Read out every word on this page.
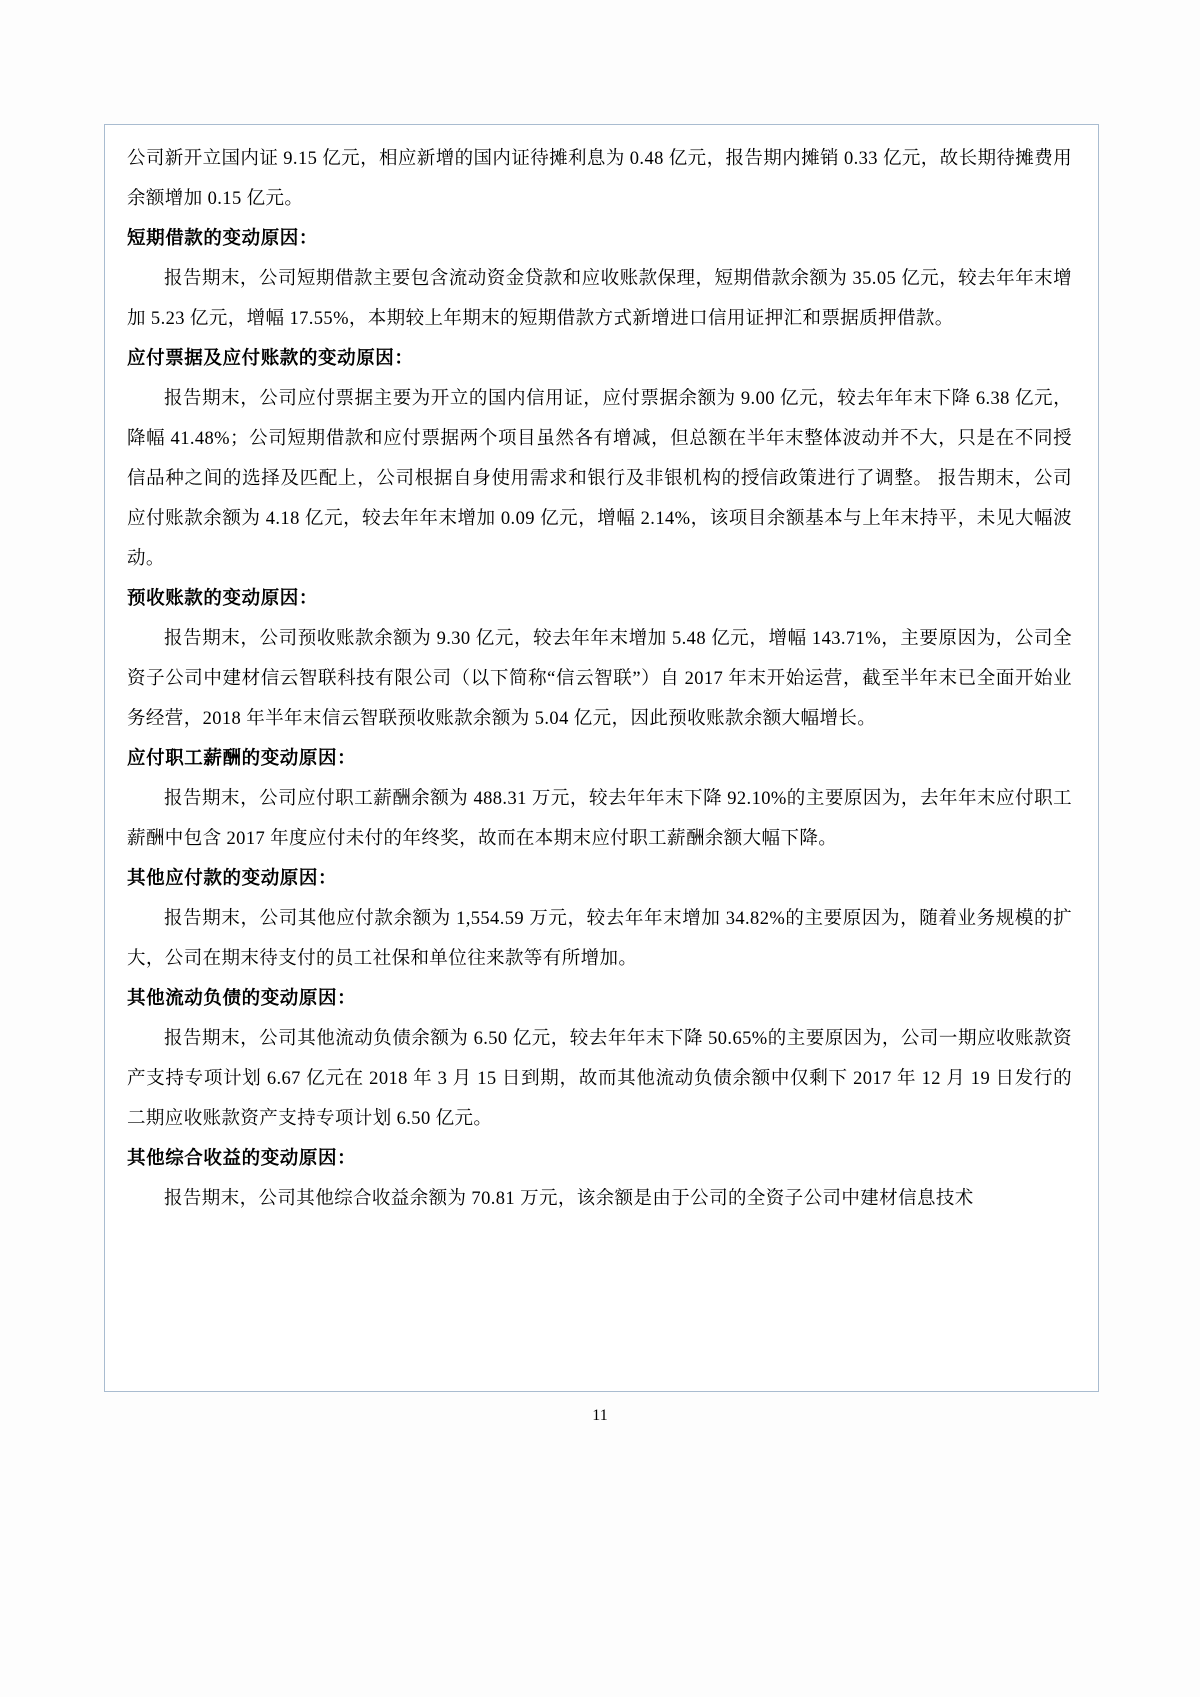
公司新开立国内证 9.15 亿元，相应新增的国内证待摊利息为 0.48 亿元，报告期内摊销 0.33 亿元，故长期待摊费用余额增加 0.15 亿元。

短期借款的变动原因：

报告期末，公司短期借款主要包含流动资金贷款和应收账款保理，短期借款余额为 35.05 亿元，较去年年末增加 5.23 亿元，增幅 17.55%，本期较上年期末的短期借款方式新增进口信用证押汇和票据质押借款。

应付票据及应付账款的变动原因：

报告期末，公司应付票据主要为开立的国内信用证，应付票据余额为 9.00 亿元，较去年年末下降 6.38 亿元，降幅 41.48%；公司短期借款和应付票据两个项目虽然各有增减，但总额在半年末整体波动并不大，只是在不同授信品种之间的选择及匹配上，公司根据自身使用需求和银行及非银机构的授信政策进行了调整。 报告期末，公司应付账款余额为 4.18 亿元，较去年年末增加 0.09 亿元，增幅 2.14%，该项目余额基本与上年末持平，未见大幅波动。

预收账款的变动原因：

报告期末，公司预收账款余额为 9.30 亿元，较去年年末增加 5.48 亿元，增幅 143.71%，主要原因为，公司全资子公司中建材信云智联科技有限公司（以下简称“信云智联”）自 2017 年末开始运营，截至半年末已全面开始业务经营，2018 年半年末信云智联预收账款余额为 5.04 亿元，因此预收账款余额大幅增长。

应付职工薪酬的变动原因：

报告期末，公司应付职工薪酬余额为 488.31 万元，较去年年末下降 92.10%的主要原因为，去年年末应付职工薪酬中包含 2017 年度应付未付的年终奖，故而在本期末应付职工薪酬余额大幅下降。

其他应付款的变动原因：

报告期末，公司其他应付款余额为 1,554.59 万元，较去年年末增加 34.82%的主要原因为，随着业务规模的扩大，公司在期末待支付的员工社保和单位往来款等有所增加。

其他流动负债的变动原因：

报告期末，公司其他流动负债余额为 6.50 亿元，较去年年末下降 50.65%的主要原因为，公司一期应收账款资产支持专项计划 6.67 亿元在 2018 年 3 月 15 日到期，故而其他流动负债余额中仅剩下 2017 年 12 月 19 日发行的二期应收账款资产支持专项计划 6.50 亿元。

其他综合收益的变动原因：

报告期末，公司其他综合收益余额为 70.81 万元，该余额是由于公司的全资子公司中建材信息技术

11
